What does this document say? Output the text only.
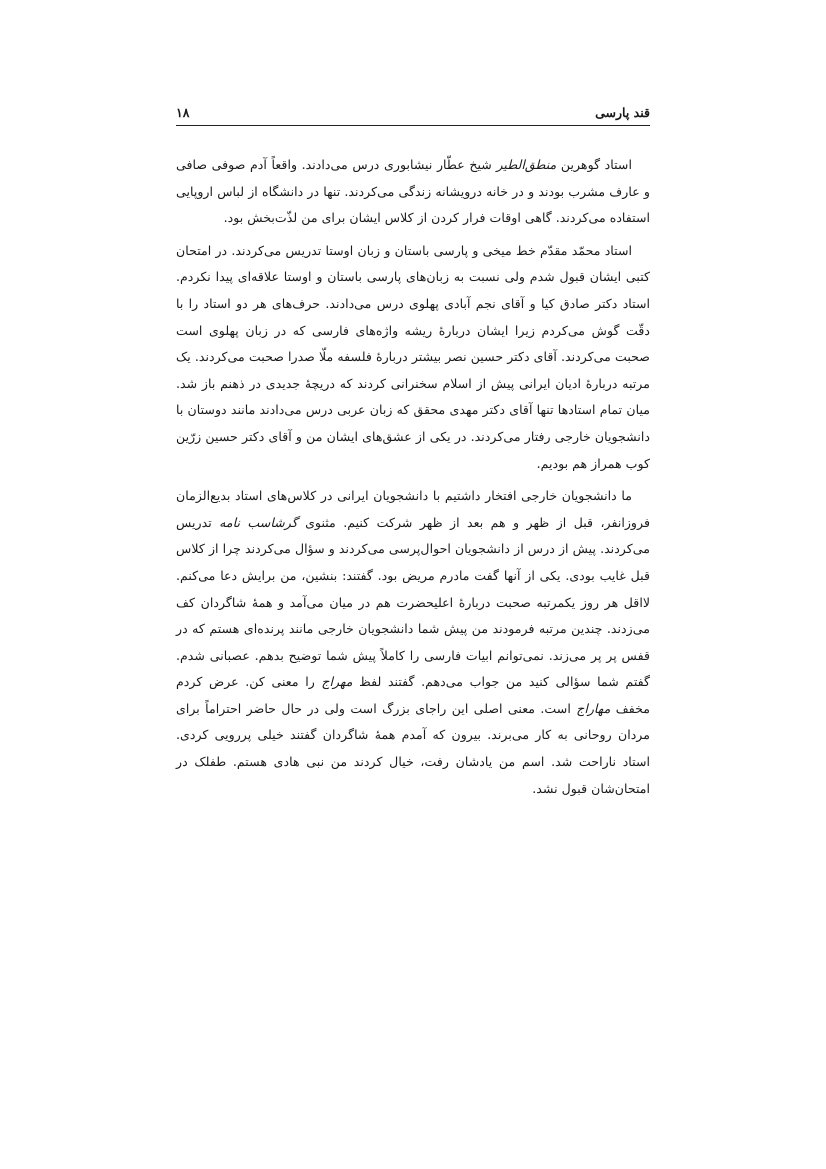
قند پارسی
۱۸

استاد گوهرین منطق‌الطیر شیخ عطّار نیشابوری درس می‌دادند. واقعاً آدم صوفی صافی و عارف مشرب بودند و در خانه درویشانه زندگی می‌کردند. تنها در دانشگاه از لباس اروپایی استفاده می‌کردند. گاهی اوقات فرار کردن از کلاس ایشان برای من لذّت‌بخش بود.

استاد محمّد مقدّم خط میخی و پارسی باستان و زبان اوستا تدریس می‌کردند. در امتحان کتبی ایشان قبول شدم ولی نسبت به زبان‌های پارسی باستان و اوستا علاقه‌ای پیدا نکردم. استاد دکتر صادق کیا و آقای نجم آبادی پهلوی درس می‌دادند. حرف‌های هر دو استاد را با دقّت گوش می‌کردم زیرا ایشان دربارهٔ ریشه واژه‌های فارسی که در زبان پهلوی است صحبت می‌کردند. آقای دکتر حسین نصر بیشتر دربارهٔ فلسفه ملّا صدرا صحبت می‌کردند. یک مرتبه دربارهٔ ادیان ایرانی پیش از اسلام سخنرانی کردند که دریچهٔ جدیدی در ذهنم باز شد. میان تمام استادها تنها آقای دکتر مهدی محقق که زبان عربی درس می‌دادند مانند دوستان با دانشجویان خارجی رفتار می‌کردند. در یکی از عشق‌های ایشان من و آقای دکتر حسین زرّین کوب همراز هم بودیم.

ما دانشجویان خارجی افتخار داشتیم با دانشجویان ایرانی در کلاس‌های استاد بدیع‌الزمان فروزانفر، قبل از ظهر و هم بعد از ظهر شرکت کنیم. مثنوی گرشاسب نامه تدریس می‌کردند. پیش از درس از دانشجویان احوال‌پرسی می‌کردند و سؤال می‌کردند چرا از کلاس قبل غایب بودی. یکی از آنها گفت مادرم مریض بود. گفتند: بنشین، من برایش دعا می‌کنم. لااقل هر روز یکمرتبه صحبت دربارهٔ اعلیحضرت هم در میان می‌آمد و همهٔ شاگردان کف می‌زدند. چندین مرتبه فرمودند من پیش شما دانشجویان خارجی مانند پرنده‌ای هستم که در قفس پر پر می‌زند. نمی‌توانم ابیات فارسی را کاملاً پیش شما توضیح بدهم. عصبانی شدم. گفتم شما سؤالی کنید من جواب می‌دهم. گفتند لفظ مهراج را معنی کن. عرض کردم مخفف مهاراج است. معنی اصلی این راجای بزرگ است ولی در حال حاضر احتراماً برای مردان روحانی به کار می‌برند. بیرون که آمدم همهٔ شاگردان گفتند خیلی پررویی کردی. استاد ناراحت شد. اسم من یادشان رفت، خیال کردند من نبی هادی هستم. طفلک در امتحان‌شان قبول نشد.
